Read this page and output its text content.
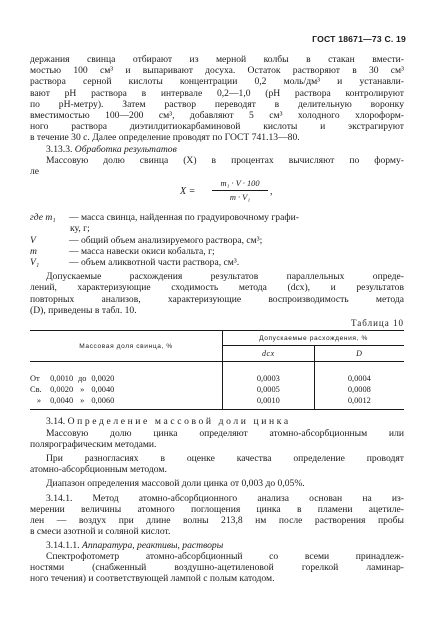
ГОСТ 18671—73 С. 19
держания свинца отбирают из мерной колбы в стакан вмести-
мостью 100 см³ и выпаривают досуха. Остаток растворяют в 30 см³
раствора серной кислоты концентрации 0,2 моль/дм³ и устанавли-
вают pH раствора в интервале 0,2—1,0 (pH раствора контролируют
по pH-метру). Затем раствор переводят в делительную воронку
вместимостью 100—200 см³, добавляют 5 см³ холодного хлороформ-
ного раствора диэтилдитиокарбаминовой кислоты и экстрагируют
в течение 30 с. Далее определение проводят по ГОСТ 741.13—80.
3.13.3. Обработка результатов
Массовую долю свинца (X) в процентах вычисляют по форму-
ле
$X = \frac{\text{m₁ · V · 100}}{\text{m · V₁}}$ ,
где m₁ — масса свинца, найденная по градуировочному графи-
ку, г;
V	— общий объем анализируемого раствора, см³;
m	— масса навески окиси кобальта, г;
V₁	— объем аликвотной части раствора, см³.
Допускаемые расхождения результатов параллельных опреде-
лений, характеризующие сходимость метода (dсх), и результатов
повторных анализов, характеризующие воспроизводимость метода
(D), приведены в табл. 10.
Таблица 10
Массовая доля свинца, %	Допускаемые расхождения, %	
	dсх	D

От 0,0010 до 0,0020	0,0003	0,0004
Св. 0,0020 » 0,0040	0,0005	0,0008
» 0,0040 » 0,0060	0,0010	0,0012
3.14. Определение массовой доли цинка
Массовую долю цинка определяют атомно-абсорбционным или
полярографическим методами.
При разногласиях в оценке качества определение проводят
атомно-абсорбционным методом.
Диапазон определения массовой доли цинка от 0,003 до 0,05%.
3.14.1. Метод атомно-абсорбционного анализа основан на из-
мерении величины атомного поглощения цинка в пламени ацетиле-
лен — воздух при длине волны 213,8 нм после растворения пробы
в смеси азотной и соляной кислот.
3.14.1.1. Аппаратура, реактивы, растворы
Спектрофотометр атомно-абсорбционный со всеми принадлеж-
ностями (снабженный воздушно-ацетиленовой горелкой ламинар-
ного течения) и соответствующей лампой с полым катодом.
